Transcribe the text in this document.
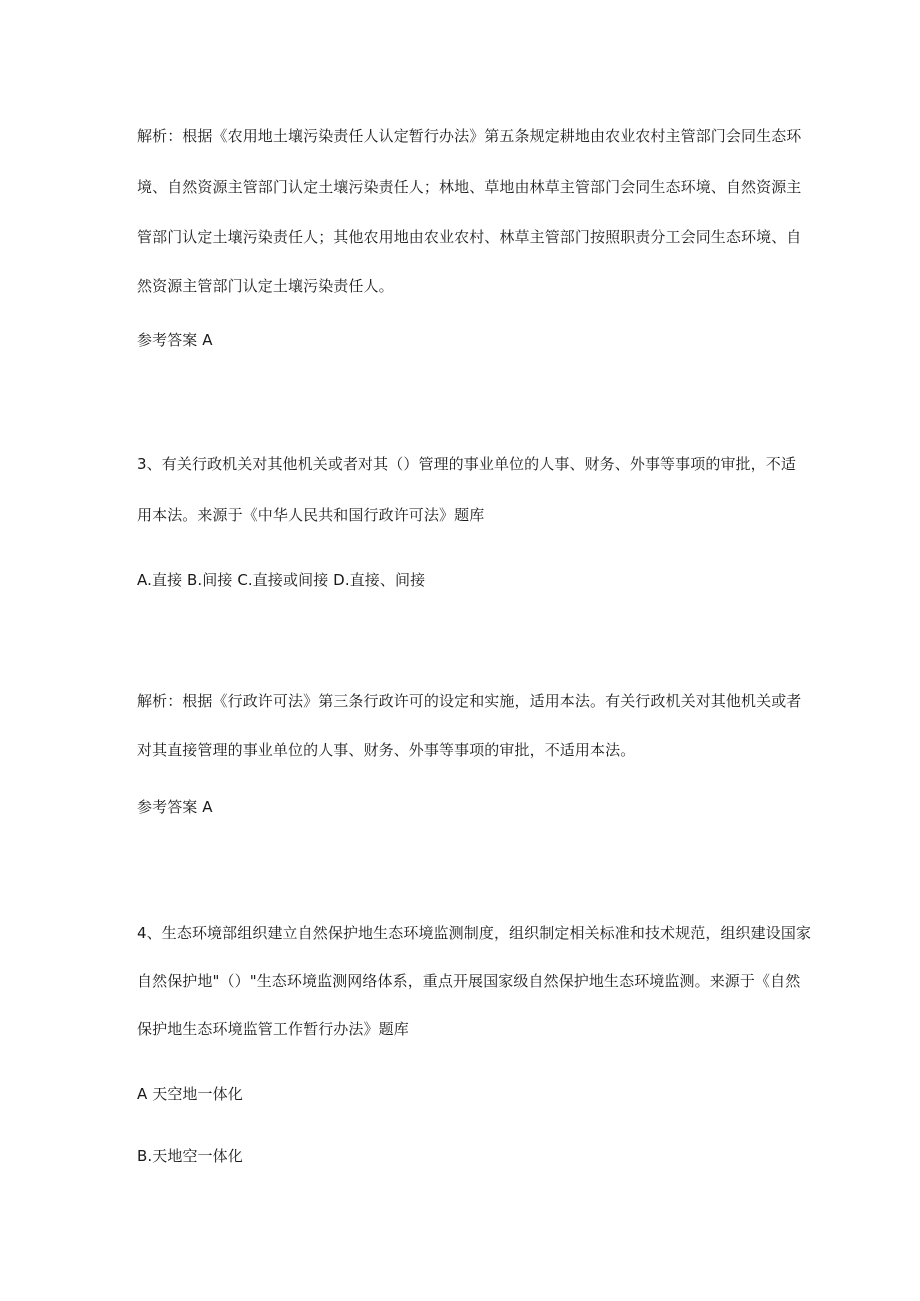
解析：根据《农用地土壤污染责任人认定暂行办法》第五条规定耕地由农业农村主管部门会同生态环
境、自然资源主管部门认定土壤污染责任人；林地、草地由林草主管部门会同生态环境、自然资源主
管部门认定土壤污染责任人；其他农用地由农业农村、林草主管部门按照职责分工会同生态环境、自
然资源主管部门认定土壤污染责任人。
参考答案 A
3、有关行政机关对其他机关或者对其（）管理的事业单位的人事、财务、外事等事项的审批，不适
用本法。来源于《中华人民共和国行政许可法》题库
A.直接 B.间接 C.直接或间接 D.直接、间接
解析：根据《行政许可法》第三条行政许可的设定和实施，适用本法。有关行政机关对其他机关或者
对其直接管理的事业单位的人事、财务、外事等事项的审批，不适用本法。
参考答案 A
4、生态环境部组织建立自然保护地生态环境监测制度，组织制定相关标准和技术规范，组织建设国家
自然保护地"（）"生态环境监测网络体系，重点开展国家级自然保护地生态环境监测。来源于《自然
保护地生态环境监管工作暂行办法》题库
A 天空地一体化
B.天地空一体化
